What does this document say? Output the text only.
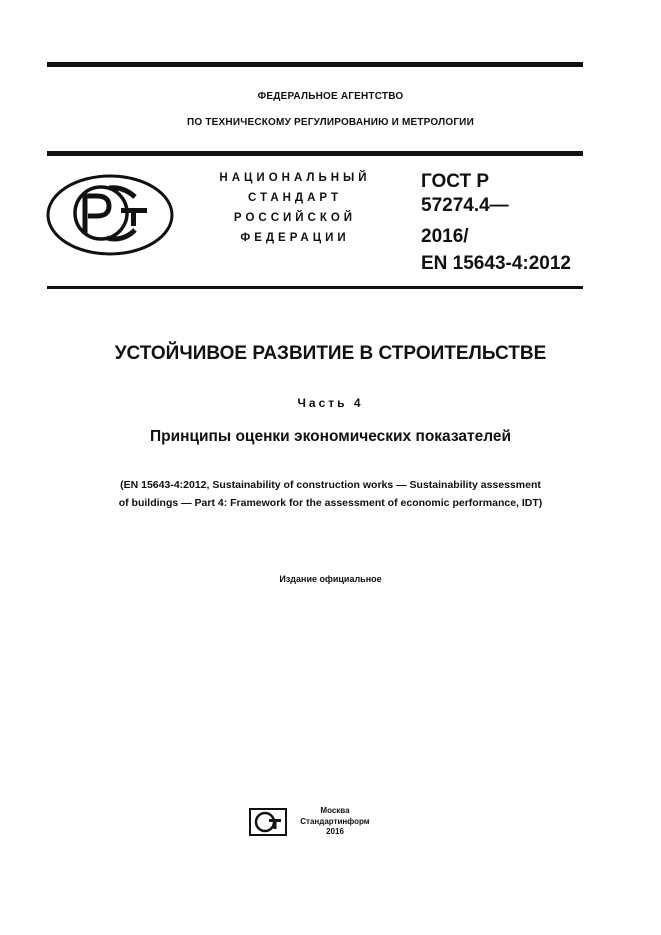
ФЕДЕРАЛЬНОЕ АГЕНТСТВО
ПО ТЕХНИЧЕСКОМУ РЕГУЛИРОВАНИЮ И МЕТРОЛОГИИ
НАЦИОНАЛЬНЫЙ
СТАНДАРТ
РОССИЙСКОЙ
ФЕДЕРАЦИИ
ГОСТ Р
57274.4—
2016/
EN 15643-4:2012
УСТОЙЧИВОЕ РАЗВИТИЕ В СТРОИТЕЛЬСТВЕ
Часть 4
Принципы оценки экономических показателей
(EN 15643-4:2012, Sustainability of construction works — Sustainability assessment
of buildings — Part 4: Framework for the assessment of economic performance, IDT)
Издание официальное
Москва
Стандартинформ
2016
